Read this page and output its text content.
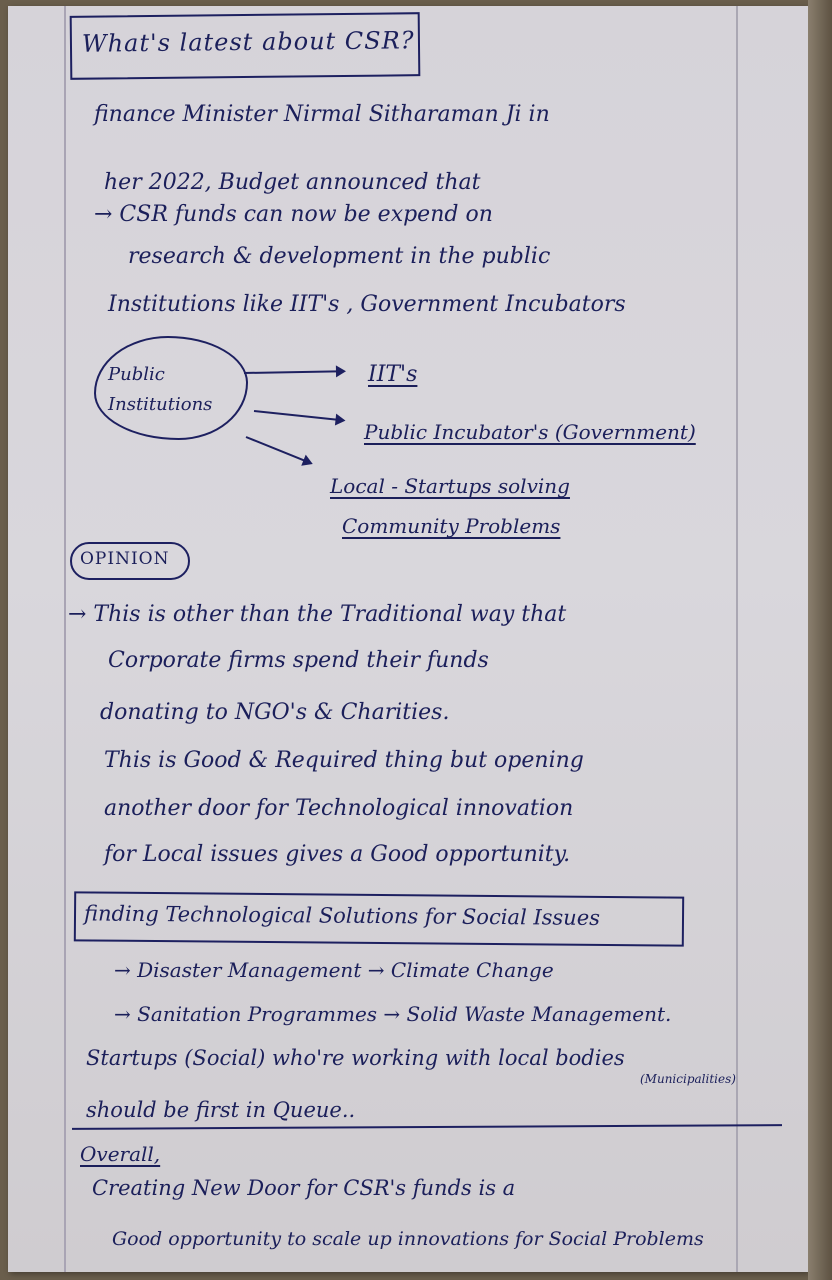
What's latest about CSR?
finance Minister Nirmal Sitharaman Ji in
her 2022, Budget announced that
→ CSR funds can now be expend on
research & development in the public
Institutions like IIT's , Government Incubators
Public
Institutions
IIT's
Public Incubator's (Government)
Local - Startups solving
Community Problems
OPINION
→ This is other than the Traditional way that
Corporate firms spend their funds
donating to NGO's & Charities.
This is Good & Required thing but opening
another door for Technological innovation
for Local issues gives a Good opportunity.
finding Technological Solutions for Social Issues
→ Disaster Management → Climate Change
→ Sanitation Programmes → Solid Waste Management.
Startups (Social) who're working with local bodies
(Municipalities)
should be first in Queue..
Overall,
Creating New Door for CSR's funds is a
Good opportunity to scale up innovations for Social Problems
